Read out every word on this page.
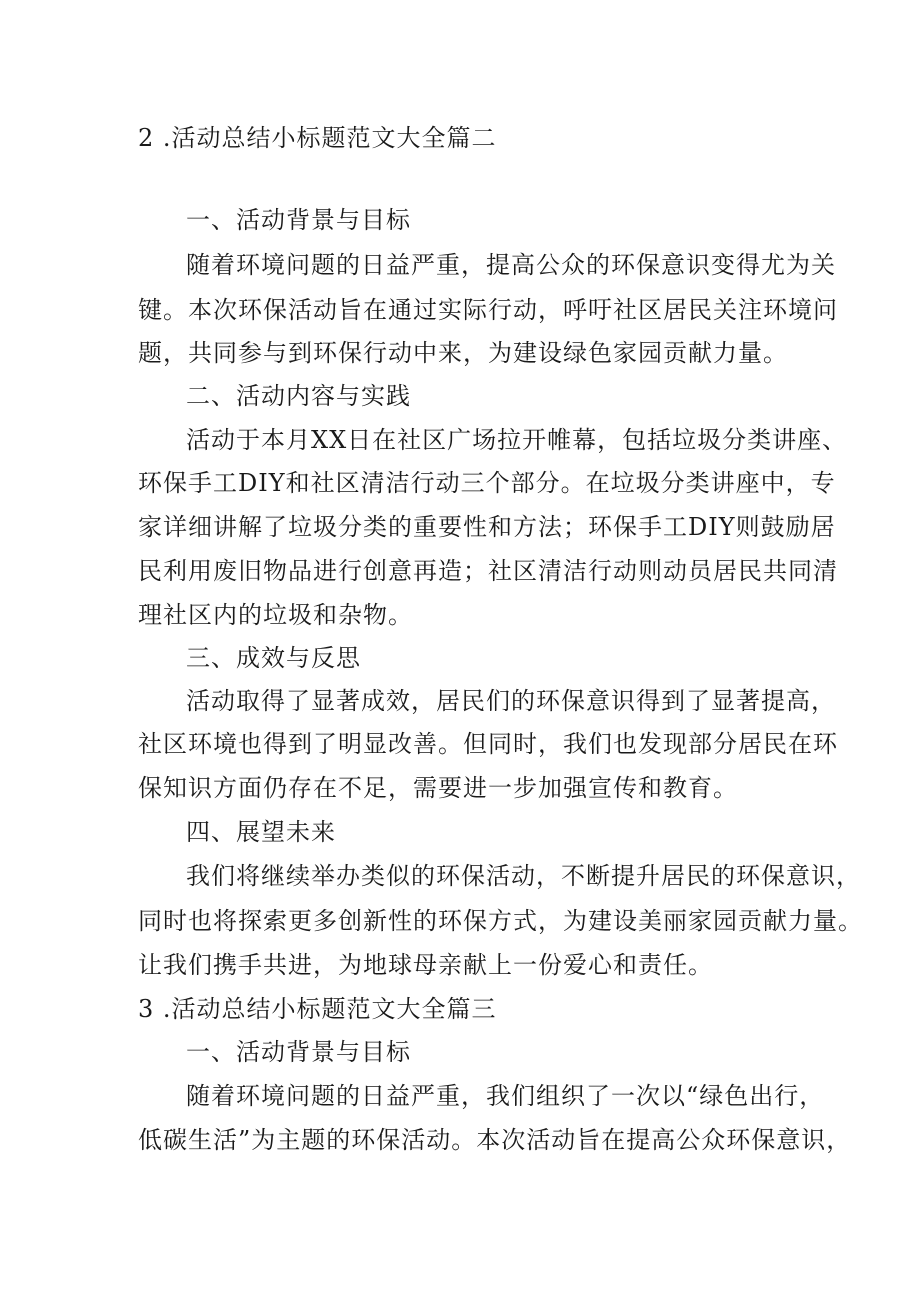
2 .活动总结小标题范文大全篇二
一、活动背景与目标
随着环境问题的日益严重，提高公众的环保意识变得尤为关
键。本次环保活动旨在通过实际行动，呼吁社区居民关注环境问
题，共同参与到环保行动中来，为建设绿色家园贡献力量。
二、活动内容与实践
活动于本月XX日在社区广场拉开帷幕，包括垃圾分类讲座、
环保手工DIY和社区清洁行动三个部分。在垃圾分类讲座中，专
家详细讲解了垃圾分类的重要性和方法；环保手工DIY则鼓励居
民利用废旧物品进行创意再造；社区清洁行动则动员居民共同清
理社区内的垃圾和杂物。
三、成效与反思
活动取得了显著成效，居民们的环保意识得到了显著提高，
社区环境也得到了明显改善。但同时，我们也发现部分居民在环
保知识方面仍存在不足，需要进一步加强宣传和教育。
四、展望未来
我们将继续举办类似的环保活动，不断提升居民的环保意识，
同时也将探索更多创新性的环保方式，为建设美丽家园贡献力量。
让我们携手共进，为地球母亲献上一份爱心和责任。
3 .活动总结小标题范文大全篇三
一、活动背景与目标
随着环境问题的日益严重，我们组织了一次以“绿色出行，
低碳生活”为主题的环保活动。本次活动旨在提高公众环保意识，
